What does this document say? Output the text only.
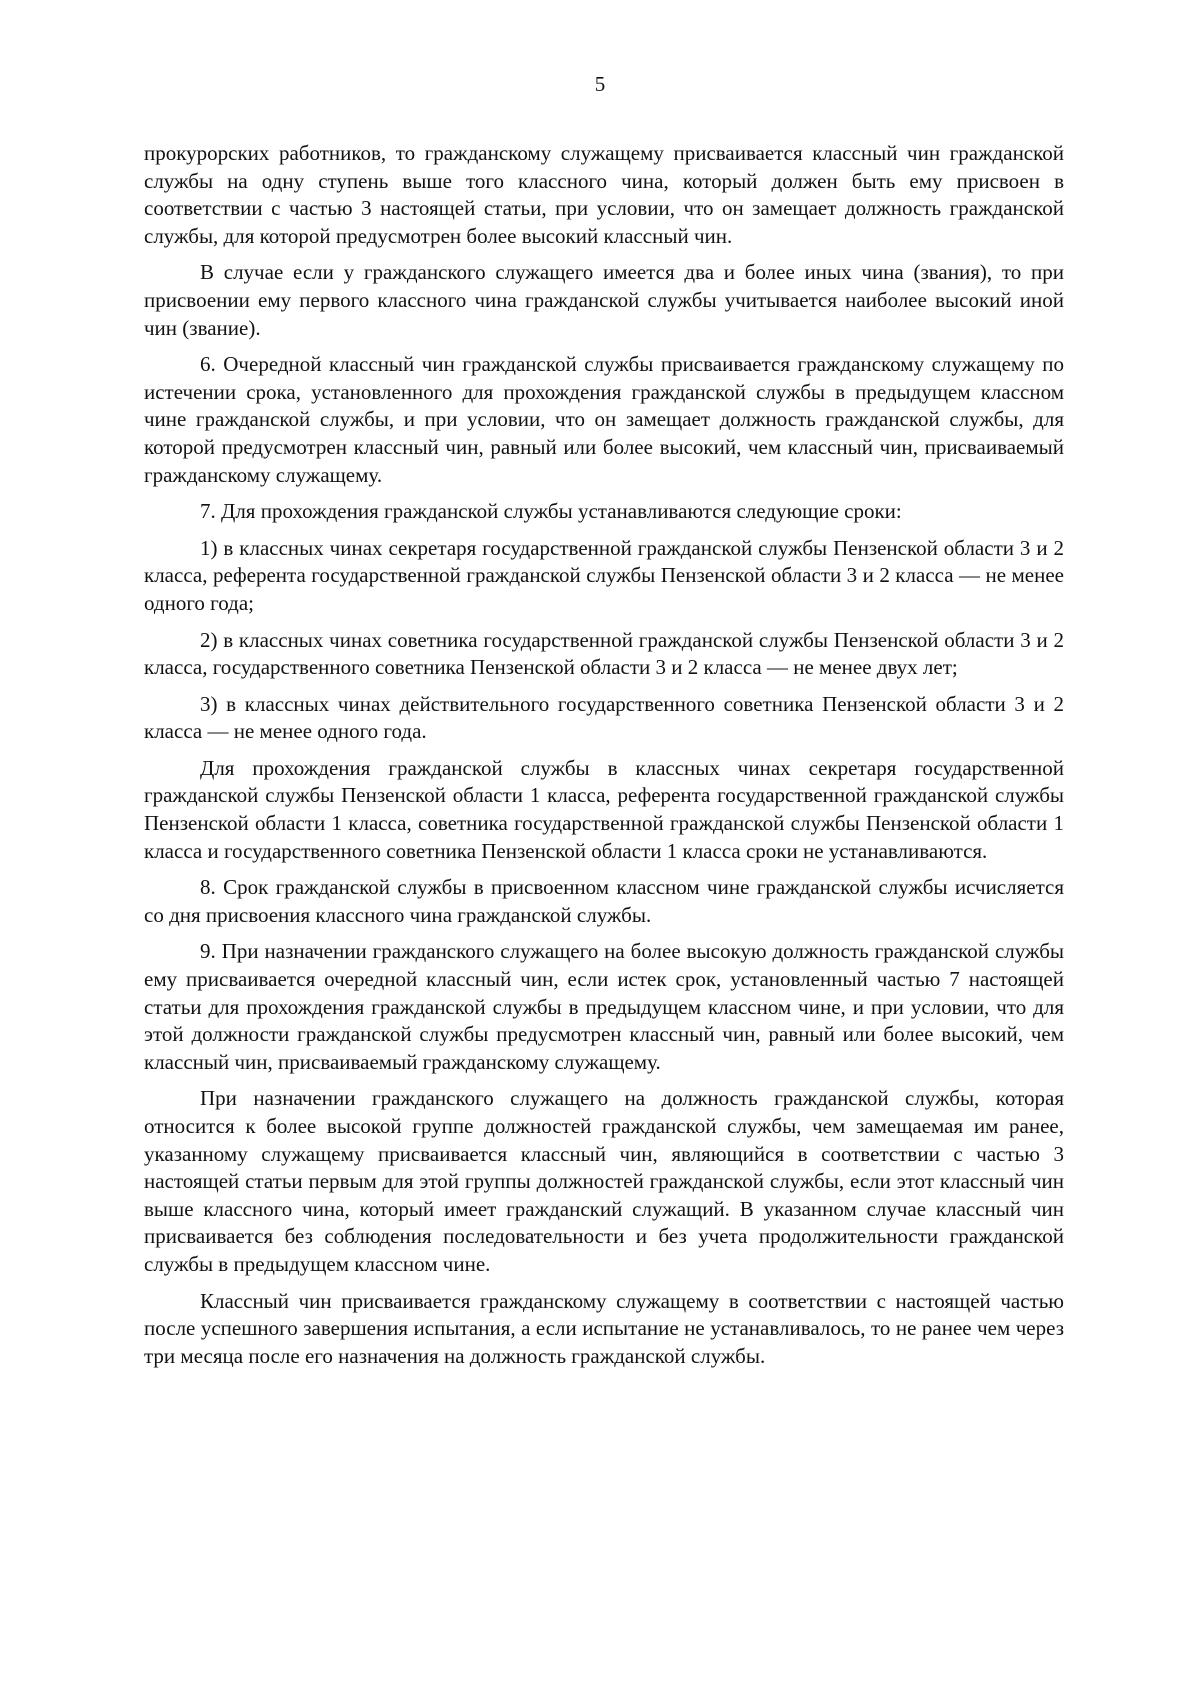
5

прокурорских работников, то гражданскому служащему присваивается классный чин гражданской службы на одну ступень выше того классного чина, который должен быть ему присвоен в соответствии с частью 3 настоящей статьи, при условии, что он замещает должность гражданской службы, для которой предусмотрен более высокий классный чин.

В случае если у гражданского служащего имеется два и более иных чина (звания), то при присвоении ему первого классного чина гражданской службы учитывается наиболее высокий иной чин (звание).

6. Очередной классный чин гражданской службы присваивается гражданскому служащему по истечении срока, установленного для прохождения гражданской службы в предыдущем классном чине гражданской службы, и при условии, что он замещает должность гражданской службы, для которой предусмотрен классный чин, равный или более высокий, чем классный чин, присваиваемый гражданскому служащему.

7. Для прохождения гражданской службы устанавливаются следующие сроки:

1) в классных чинах секретаря государственной гражданской службы Пензенской области 3 и 2 класса, референта государственной гражданской службы Пензенской области 3 и 2 класса — не менее одного года;

2) в классных чинах советника государственной гражданской службы Пензенской области 3 и 2 класса, государственного советника Пензенской области 3 и 2 класса — не менее двух лет;

3) в классных чинах действительного государственного советника Пензенской области 3 и 2 класса — не менее одного года.

Для прохождения гражданской службы в классных чинах секретаря государственной гражданской службы Пензенской области 1 класса, референта государственной гражданской службы Пензенской области 1 класса, советника государственной гражданской службы Пензенской области 1 класса и государственного советника Пензенской области 1 класса сроки не устанавливаются.

8. Срок гражданской службы в присвоенном классном чине гражданской службы исчисляется со дня присвоения классного чина гражданской службы.

9. При назначении гражданского служащего на более высокую должность гражданской службы ему присваивается очередной классный чин, если истек срок, установленный частью 7 настоящей статьи для прохождения гражданской службы в предыдущем классном чине, и при условии, что для этой должности гражданской службы предусмотрен классный чин, равный или более высокий, чем классный чин, присваиваемый гражданскому служащему.

При назначении гражданского служащего на должность гражданской службы, которая относится к более высокой группе должностей гражданской службы, чем замещаемая им ранее, указанному служащему присваивается классный чин, являющийся в соответствии с частью 3 настоящей статьи первым для этой группы должностей гражданской службы, если этот классный чин выше классного чина, который имеет гражданский служащий. В указанном случае классный чин присваивается без соблюдения последовательности и без учета продолжительности гражданской службы в предыдущем классном чине.

Классный чин присваивается гражданскому служащему в соответствии с настоящей частью после успешного завершения испытания, а если испытание не устанавливалось, то не ранее чем через три месяца после его назначения на должность гражданской службы.
